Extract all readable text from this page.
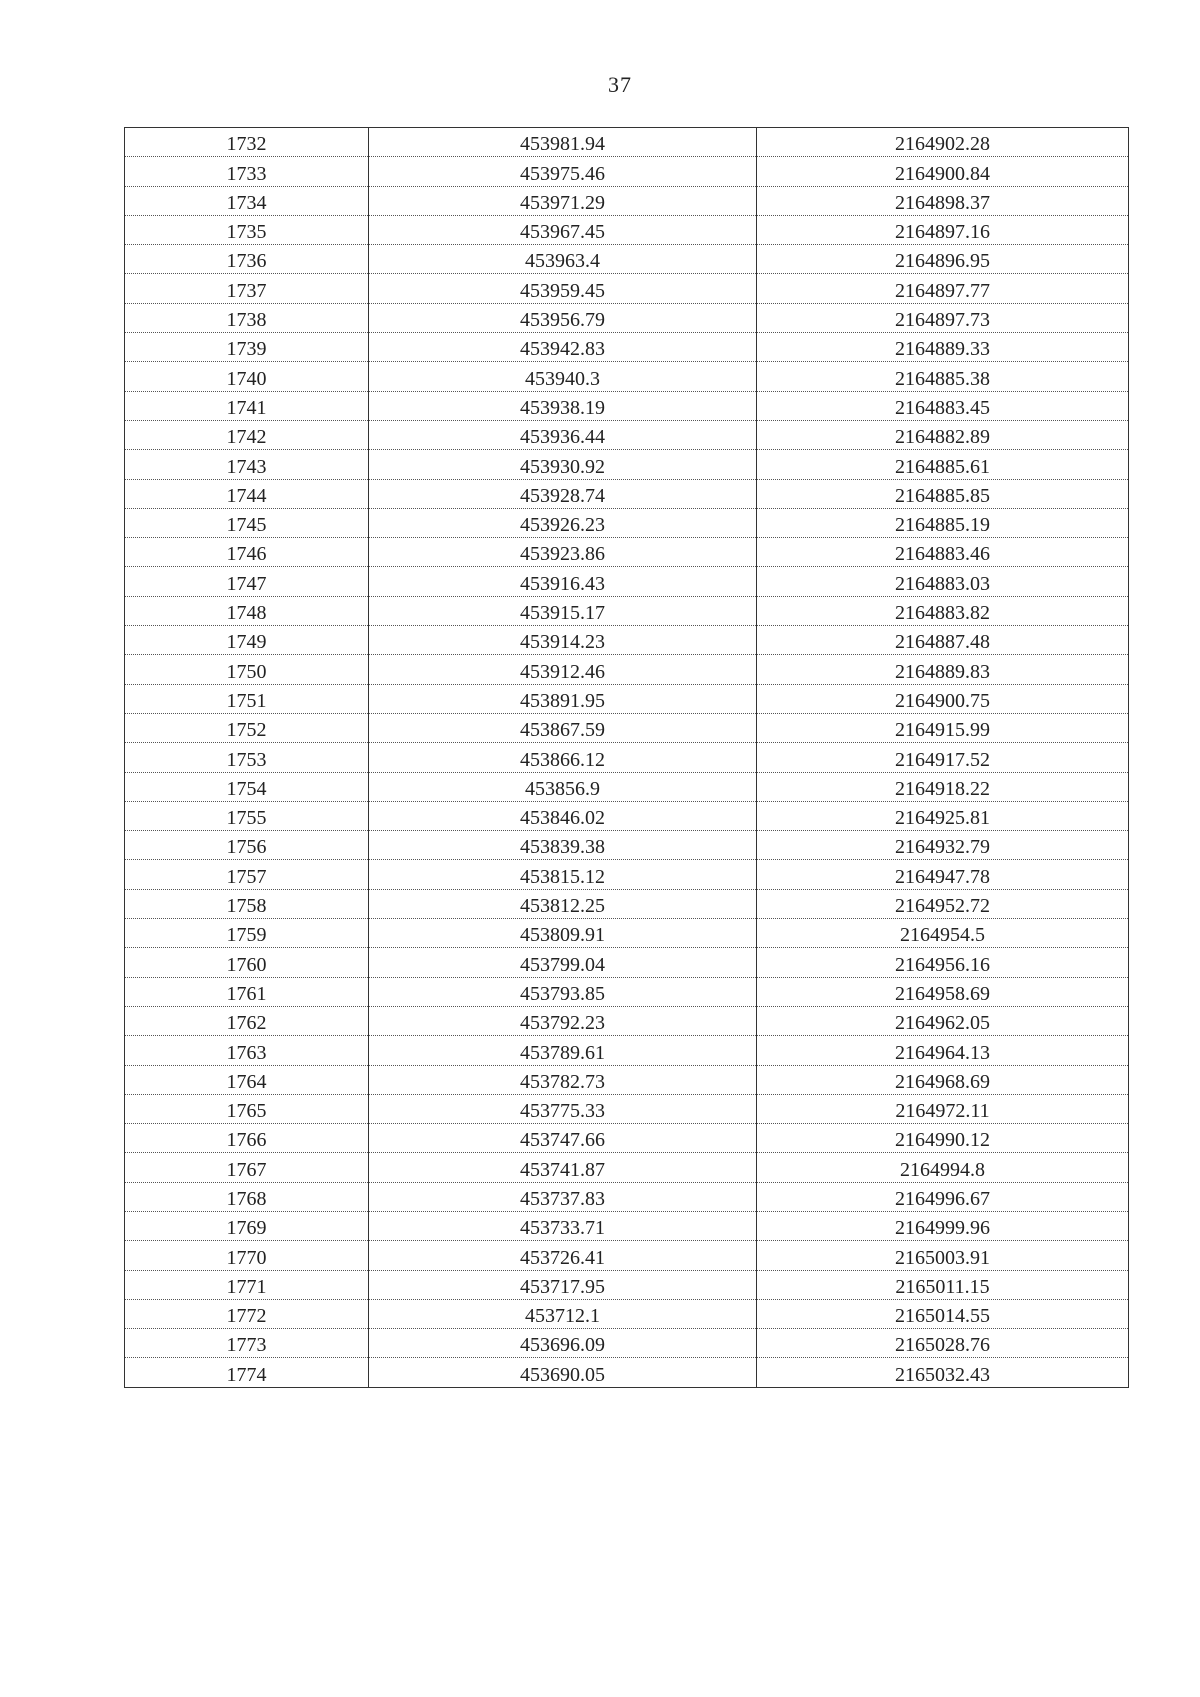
37
1732	453981.94	2164902.28
1733	453975.46	2164900.84
1734	453971.29	2164898.37
1735	453967.45	2164897.16
1736	453963.4	2164896.95
1737	453959.45	2164897.77
1738	453956.79	2164897.73
1739	453942.83	2164889.33
1740	453940.3	2164885.38
1741	453938.19	2164883.45
1742	453936.44	2164882.89
1743	453930.92	2164885.61
1744	453928.74	2164885.85
1745	453926.23	2164885.19
1746	453923.86	2164883.46
1747	453916.43	2164883.03
1748	453915.17	2164883.82
1749	453914.23	2164887.48
1750	453912.46	2164889.83
1751	453891.95	2164900.75
1752	453867.59	2164915.99
1753	453866.12	2164917.52
1754	453856.9	2164918.22
1755	453846.02	2164925.81
1756	453839.38	2164932.79
1757	453815.12	2164947.78
1758	453812.25	2164952.72
1759	453809.91	2164954.5
1760	453799.04	2164956.16
1761	453793.85	2164958.69
1762	453792.23	2164962.05
1763	453789.61	2164964.13
1764	453782.73	2164968.69
1765	453775.33	2164972.11
1766	453747.66	2164990.12
1767	453741.87	2164994.8
1768	453737.83	2164996.67
1769	453733.71	2164999.96
1770	453726.41	2165003.91
1771	453717.95	2165011.15
1772	453712.1	2165014.55
1773	453696.09	2165028.76
1774	453690.05	2165032.43
